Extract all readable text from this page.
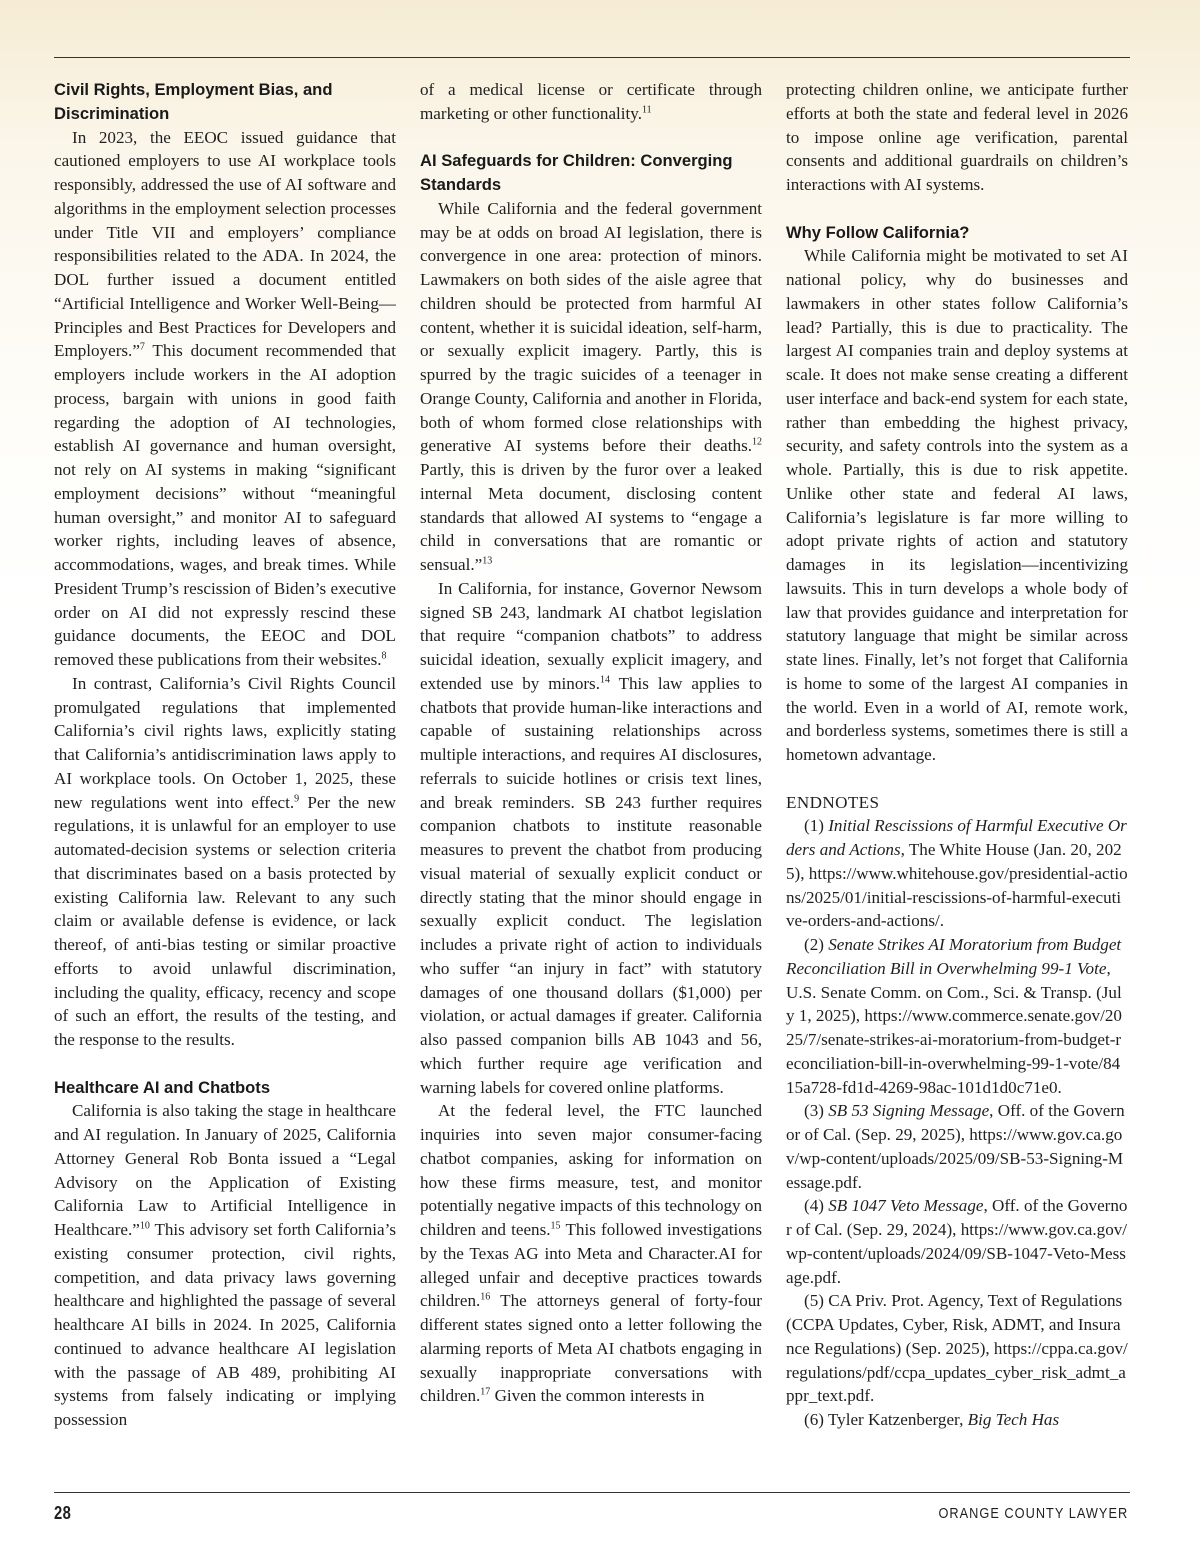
Civil Rights, Employment Bias, and Discrimination

In 2023, the EEOC issued guidance that cautioned employers to use AI workplace tools responsibly, addressed the use of AI software and algorithms in the employment selection processes under Title VII and employers’ compliance responsibilities related to the ADA. In 2024, the DOL further issued a document entitled “Artificial Intelligence and Worker Well-Being—Principles and Best Practices for Developers and Employers.”$^7$ This document recommended that employers include workers in the AI adoption process, bargain with unions in good faith regarding the adoption of AI technologies, establish AI governance and human oversight, not rely on AI systems in making “significant employment decisions” without “meaningful human oversight,” and monitor AI to safeguard worker rights, including leaves of absence, accommodations, wages, and break times. While President Trump’s rescission of Biden’s executive order on AI did not expressly rescind these guidance documents, the EEOC and DOL removed these publications from their websites.$^8$

In contrast, California’s Civil Rights Council promulgated regulations that implemented California’s civil rights laws, explicitly stating that California’s antidiscrimination laws apply to AI workplace tools. On October 1, 2025, these new regulations went into effect.$^9$ Per the new regulations, it is unlawful for an employer to use automated-decision systems or selection criteria that discriminates based on a basis protected by existing California law. Relevant to any such claim or available defense is evidence, or lack thereof, of anti-bias testing or similar proactive efforts to avoid unlawful discrimination, including the quality, efficacy, recency and scope of such an effort, the results of the testing, and the response to the results.

Healthcare AI and Chatbots

California is also taking the stage in healthcare and AI regulation. In January of 2025, California Attorney General Rob Bonta issued a “Legal Advisory on the Application of Existing California Law to Artificial Intelligence in Healthcare.”$^{10}$ This advisory set forth California’s existing consumer protection, civil rights, competition, and data privacy laws governing healthcare and highlighted the passage of several healthcare AI bills in 2024. In 2025, California continued to advance healthcare AI legislation with the passage of AB 489, prohibiting AI systems from falsely indicating or implying possession

of a medical license or certificate through marketing or other functionality.$^{11}$

AI Safeguards for Children: Converging Standards

While California and the federal government may be at odds on broad AI legislation, there is convergence in one area: protection of minors. Lawmakers on both sides of the aisle agree that children should be protected from harmful AI content, whether it is suicidal ideation, self-harm, or sexually explicit imagery. Partly, this is spurred by the tragic suicides of a teenager in Orange County, California and another in Florida, both of whom formed close relationships with generative AI systems before their deaths.$^{12}$ Partly, this is driven by the furor over a leaked internal Meta document, disclosing content standards that allowed AI systems to “engage a child in conversations that are romantic or sensual.”$^{13}$

In California, for instance, Governor Newsom signed SB 243, landmark AI chatbot legislation that require “companion chatbots” to address suicidal ideation, sexually explicit imagery, and extended use by minors.$^{14}$ This law applies to chatbots that provide human-like interactions and capable of sustaining relationships across multiple interactions, and requires AI disclosures, referrals to suicide hotlines or crisis text lines, and break reminders. SB 243 further requires companion chatbots to institute reasonable measures to prevent the chatbot from producing visual material of sexually explicit conduct or directly stating that the minor should engage in sexually explicit conduct. The legislation includes a private right of action to individuals who suffer “an injury in fact” with statutory damages of one thousand dollars ($1,000) per violation, or actual damages if greater. California also passed companion bills AB 1043 and 56, which further require age verification and warning labels for covered online platforms.

At the federal level, the FTC launched inquiries into seven major consumer-facing chatbot companies, asking for information on how these firms measure, test, and monitor potentially negative impacts of this technology on children and teens.$^{15}$ This followed investigations by the Texas AG into Meta and Character.AI for alleged unfair and deceptive practices towards children.$^{16}$ The attorneys general of forty-four different states signed onto a letter following the alarming reports of Meta AI chatbots engaging in sexually inappropriate conversations with children.$^{17}$ Given the common interests in

protecting children online, we anticipate further efforts at both the state and federal level in 2026 to impose online age verification, parental consents and additional guardrails on children’s interactions with AI systems.

Why Follow California?

While California might be motivated to set AI national policy, why do businesses and lawmakers in other states follow California’s lead? Partially, this is due to practicality. The largest AI companies train and deploy systems at scale. It does not make sense creating a different user interface and back-end system for each state, rather than embedding the highest privacy, security, and safety controls into the system as a whole. Partially, this is due to risk appetite. Unlike other state and federal AI laws, California’s legislature is far more willing to adopt private rights of action and statutory damages in its legislation—incentivizing lawsuits. This in turn develops a whole body of law that provides guidance and interpretation for statutory language that might be similar across state lines. Finally, let’s not forget that California is home to some of the largest AI companies in the world. Even in a world of AI, remote work, and borderless systems, sometimes there is still a hometown advantage.

ENDNOTES

(1) Initial Rescissions of Harmful Executive Orders and Actions, The White House (Jan. 20, 2025), https://www.whitehouse.gov/presidential-actions/2025/01/initial-rescissions-of-harmful-executive-orders-and-actions/.

(2) Senate Strikes AI Moratorium from Budget Reconciliation Bill in Overwhelming 99-1 Vote, U.S. Senate Comm. on Com., Sci. & Transp. (July 1, 2025), https://www.commerce.senate.gov/2025/7/senate-strikes-ai-moratorium-from-budget-reconciliation-bill-in-overwhelming-99-1-vote/8415a728-fd1d-4269-98ac-101d1d0c71e0.

(3) SB 53 Signing Message, Off. of the Governor of Cal. (Sep. 29, 2025), https://www.gov.ca.gov/wp-content/uploads/2025/09/SB-53-Signing-Message.pdf.

(4) SB 1047 Veto Message, Off. of the Governor of Cal. (Sep. 29, 2024), https://www.gov.ca.gov/wp-content/uploads/2024/09/SB-1047-Veto-Message.pdf.

(5) CA Priv. Prot. Agency, Text of Regulations (CCPA Updates, Cyber, Risk, ADMT, and Insurance Regulations) (Sep. 2025), https://cppa.ca.gov/regulations/pdf/ccpa_updates_cyber_risk_admt_appr_text.pdf.

(6) Tyler Katzenberger, Big Tech Has

28	ORANGE COUNTY LAWYER
